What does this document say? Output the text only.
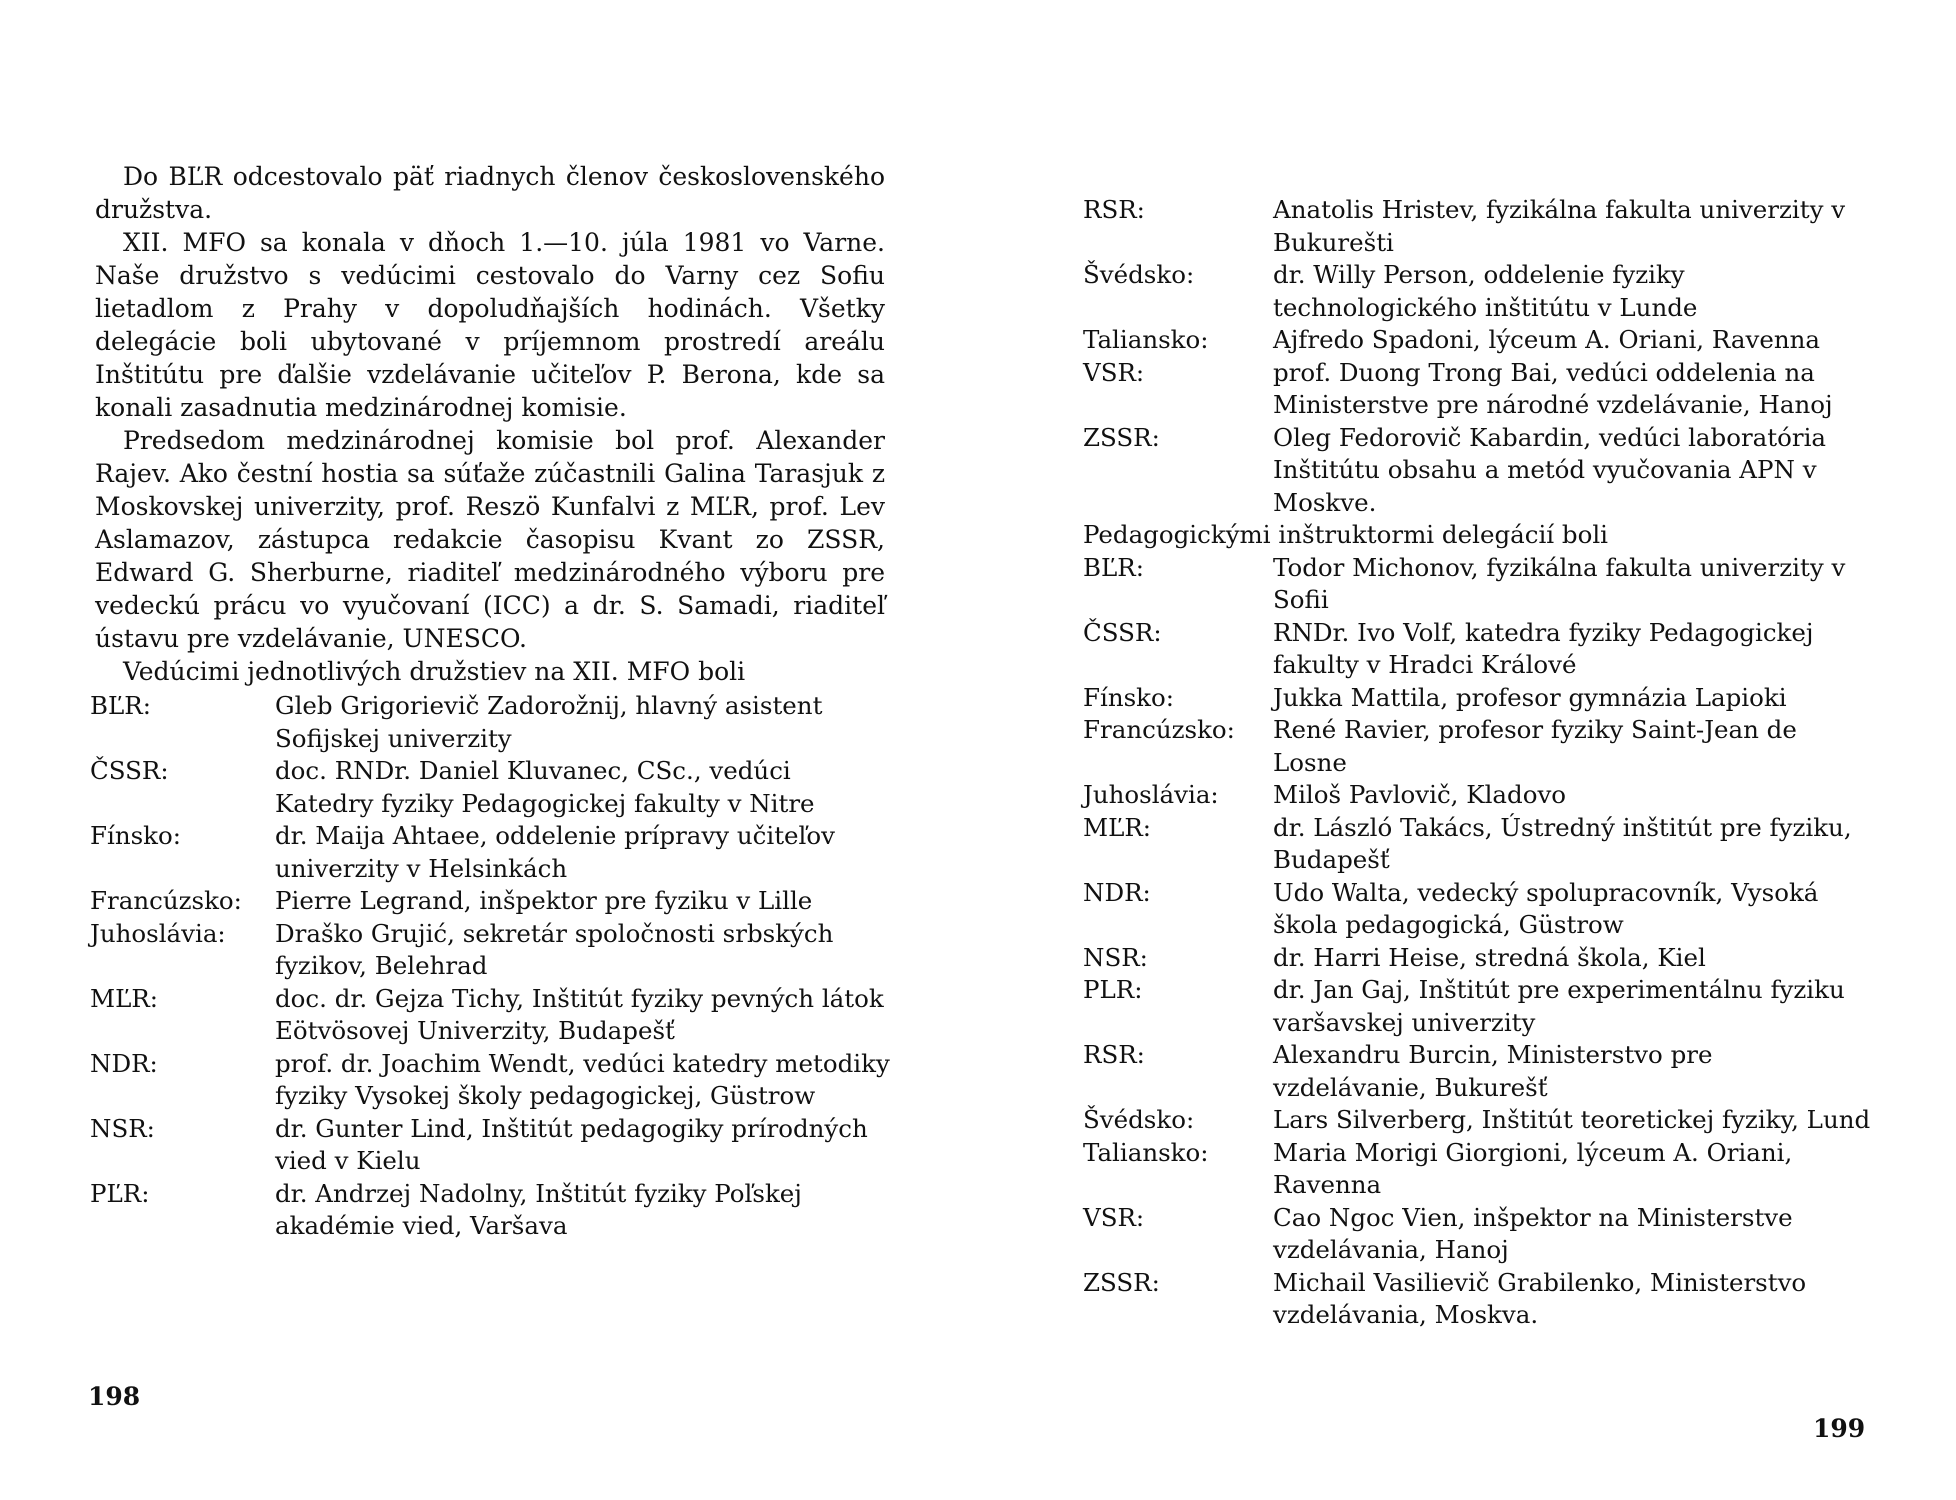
Do BĽR odcestovalo päť riadnych členov československého družstva.

XII. MFO sa konala v dňoch 1.—10. júla 1981 vo Varne. Naše družstvo s vedúcimi cestovalo do Varny cez Sofiu lietadlom z Prahy v dopoludňajších hodinách. Všetky delegácie boli ubytované v príjemnom prostredí areálu Inštitútu pre ďalšie vzdelávanie učiteľov P. Berona, kde sa konali zasadnutia medzinárodnej komisie.

Predsedom medzinárodnej komisie bol prof. Alexander Rajev. Ako čestní hostia sa súťaže zúčastnili Galina Tarasjuk z Moskovskej univerzity, prof. Reszö Kunfalvi z MĽR, prof. Lev Aslamazov, zástupca redakcie časopisu Kvant zo ZSSR, Edward G. Sherburne, riaditeľ medzinárodného výboru pre vedeckú prácu vo vyučovaní (ICC) a dr. S. Samadi, riaditeľ ústavu pre vzdelávanie, UNESCO.

Vedúcimi jednotlivých družstiev na XII. MFO boli

BĽR:	Gleb Grigorievič Zadorožnij, hlavný asistent Sofijskej univerzity
ČSSR:	doc. RNDr. Daniel Kluvanec, CSc., vedúci Katedry fyziky Pedagogickej fakulty v Nitre
Fínsko:	dr. Maija Ahtaee, oddelenie prípravy učiteľov univerzity v Helsinkách
Francúzsko:	Pierre Legrand, inšpektor pre fyziku v Lille
Juhoslávia:	Draško Grujić, sekretár spoločnosti srbských fyzikov, Belehrad
MĽR:	doc. dr. Gejza Tichy, Inštitút fyziky pevných látok Eötvösovej Univerzity, Budapešť
NDR:	prof. dr. Joachim Wendt, vedúci katedry metodiky fyziky Vysokej školy pedagogickej, Güstrow
NSR:	dr. Gunter Lind, Inštitút pedagogiky prírodných vied v Kielu
PĽR:	dr. Andrzej Nadolny, Inštitút fyziky Poľskej akadémie vied, Varšava
198
RSR:	Anatolis Hristev, fyzikálna fakulta univerzity v Bukurešti
Švédsko:	dr. Willy Person, oddelenie fyziky technologického inštitútu v Lunde
Taliansko:	Ajfredo Spadoni, lýceum A. Oriani, Ravenna
VSR:	prof. Duong Trong Bai, vedúci oddelenia na Ministerstve pre národné vzdelávanie, Hanoj
ZSSR:	Oleg Fedorovič Kabardin, vedúci laboratória Inštitútu obsahu a metód vyučovania APN v Moskve.

Pedagogickými inštruktormi delegácií boli

BĽR:	Todor Michonov, fyzikálna fakulta univerzity v Sofii
ČSSR:	RNDr. Ivo Volf, katedra fyziky Pedagogickej fakulty v Hradci Králové
Fínsko:	Jukka Mattila, profesor gymnázia Lapioki
Francúzsko:	René Ravier, profesor fyziky Saint-Jean de Losne
Juhoslávia:	Miloš Pavlovič, Kladovo
MĽR:	dr. László Takács, Ústredný inštitút pre fyziku, Budapešť
NDR:	Udo Walta, vedecký spolupracovník, Vysoká škola pedagogická, Güstrow
NSR:	dr. Harri Heise, stredná škola, Kiel
PLR:	dr. Jan Gaj, Inštitút pre experimentálnu fyziku varšavskej univerzity
RSR:	Alexandru Burcin, Ministerstvo pre vzdelávanie, Bukurešť
Švédsko:	Lars Silverberg, Inštitút teoretickej fyziky, Lund
Taliansko:	Maria Morigi Giorgioni, lýceum A. Oriani, Ravenna
VSR:	Cao Ngoc Vien, inšpektor na Ministerstve vzdelávania, Hanoj
ZSSR:	Michail Vasilievič Grabilenko, Ministerstvo vzdelávania, Moskva.
199
